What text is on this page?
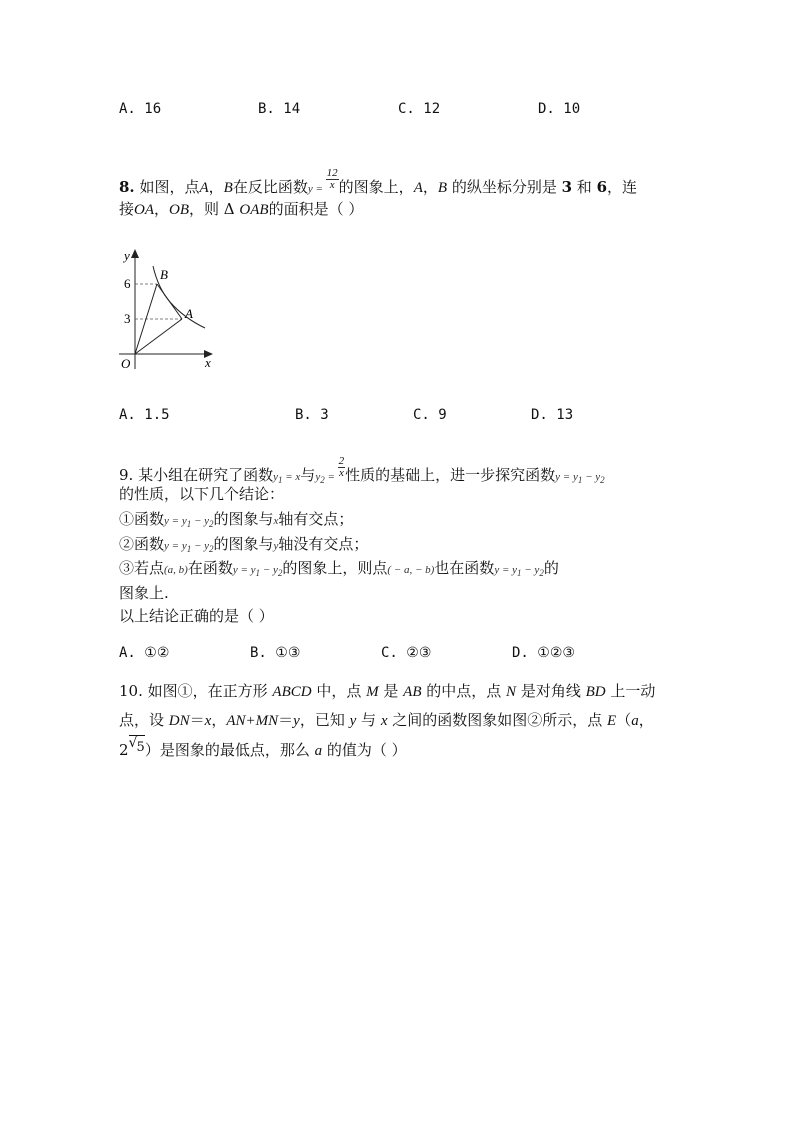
A. 16	B. 14	C. 12	D. 10
8. 如图，点A，B在反比函数$y = \frac{12}{x}$ 的图象上，A，B 的纵坐标分别是 3 和 6，连
接OA，OB，则 Δ OAB的面积是（ ）
y
x
O
B
A
6
3
A. 1.5	B. 3	C. 9	D. 13
9. 某小组在研究了函数$y_1 = x$与$y_2 = \frac{2}{x}$ 性质的基础上，进一步探究函数$y = y_1 - y_2$
的性质，以下几个结论：
①函数$y = y_1 - y_2$的图象与x轴有交点；
②函数$y = y_1 - y_2$的图象与y轴没有交点；
③若点(a, b)在函数$y = y_1 - y_2$的图象上，则点( − a, − b)也在函数$y = y_1 - y_2$的
图象上.
以上结论正确的是（ ）
A. ①②	B. ①③	C. ②③	D. ①②③
10. 如图①，在正方形 ABCD 中，点 M 是 AB 的中点，点 N 是对角线 BD 上一动
点，设 DN＝x，AN+MN＝y，已知 y 与 x 之间的函数图象如图②所示，点 E（a，
2 √ 5）是图象的最低点，那么 a 的值为（ ）
